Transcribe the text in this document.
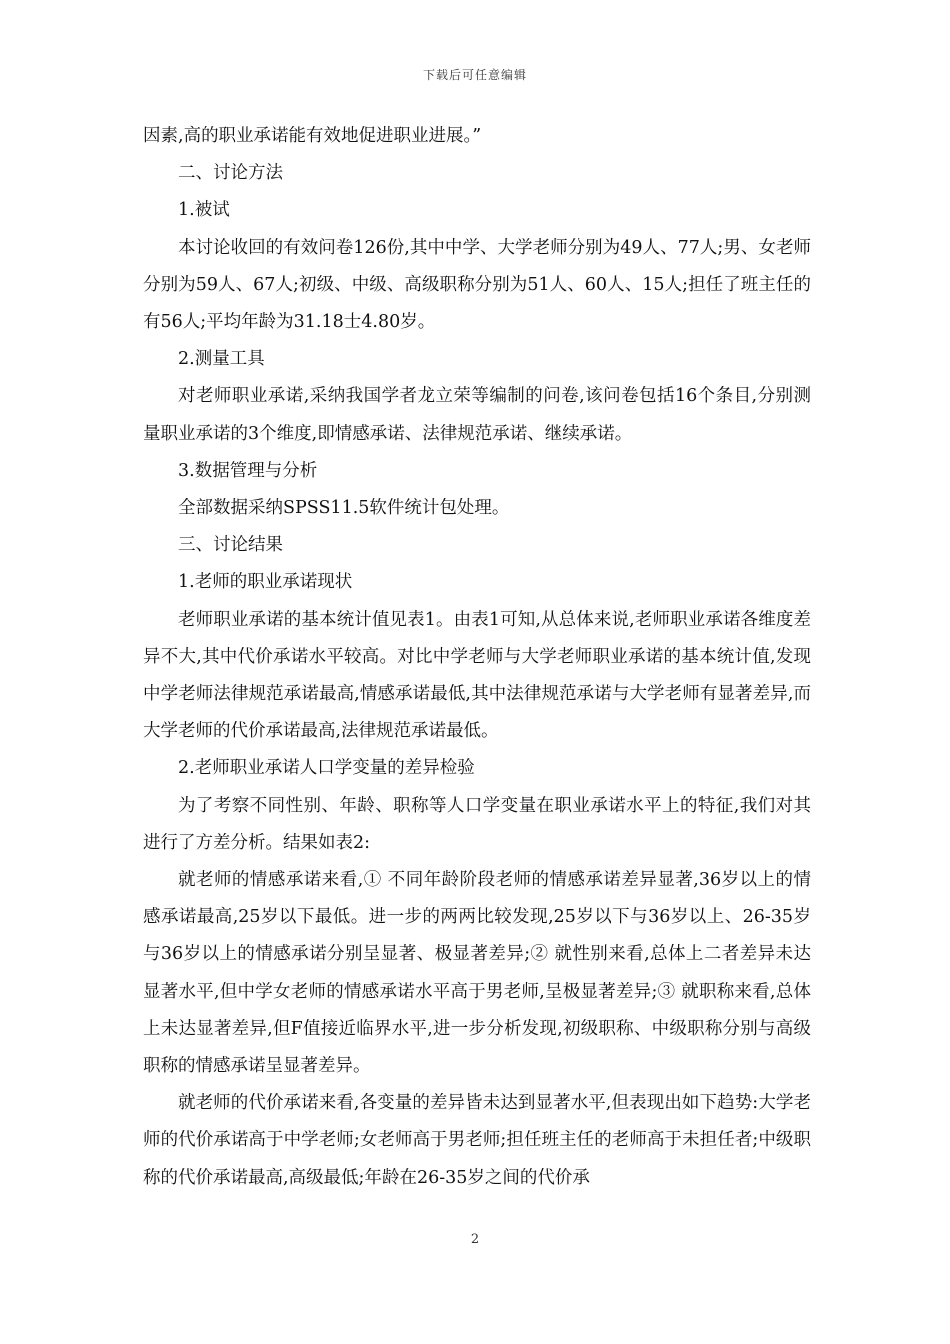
下载后可任意编辑

因素,高的职业承诺能有效地促进职业进展。”

二、讨论方法

1.被试

本讨论收回的有效问卷126份,其中中学、大学老师分别为49人、77人;男、女老师分别为59人、67人;初级、中级、高级职称分别为51人、60人、15人;担任了班主任的有56人;平均年龄为31.18士4.80岁。

2.测量工具

对老师职业承诺,采纳我国学者龙立荣等编制的问卷,该问卷包括16个条目,分别测量职业承诺的3个维度,即情感承诺、法律规范承诺、继续承诺。

3.数据管理与分析

全部数据采纳SPSS11.5软件统计包处理。

三、讨论结果

1.老师的职业承诺现状

老师职业承诺的基本统计值见表1。由表1可知,从总体来说,老师职业承诺各维度差异不大,其中代价承诺水平较高。对比中学老师与大学老师职业承诺的基本统计值,发现中学老师法律规范承诺最高,情感承诺最低,其中法律规范承诺与大学老师有显著差异,而大学老师的代价承诺最高,法律规范承诺最低。

2.老师职业承诺人口学变量的差异检验

为了考察不同性别、年龄、职称等人口学变量在职业承诺水平上的特征,我们对其进行了方差分析。结果如表2:

就老师的情感承诺来看,① 不同年龄阶段老师的情感承诺差异显著,36岁以上的情感承诺最高,25岁以下最低。进一步的两两比较发现,25岁以下与36岁以上、26-35岁与36岁以上的情感承诺分别呈显著、极显著差异;② 就性别来看,总体上二者差异未达显著水平,但中学女老师的情感承诺水平高于男老师,呈极显著差异;③ 就职称来看,总体上未达显著差异,但F值接近临界水平,进一步分析发现,初级职称、中级职称分别与高级职称的情感承诺呈显著差异。

就老师的代价承诺来看,各变量的差异皆未达到显著水平,但表现出如下趋势:大学老师的代价承诺高于中学老师;女老师高于男老师;担任班主任的老师高于未担任者;中级职称的代价承诺最高,高级最低;年龄在26-35岁之间的代价承

2
